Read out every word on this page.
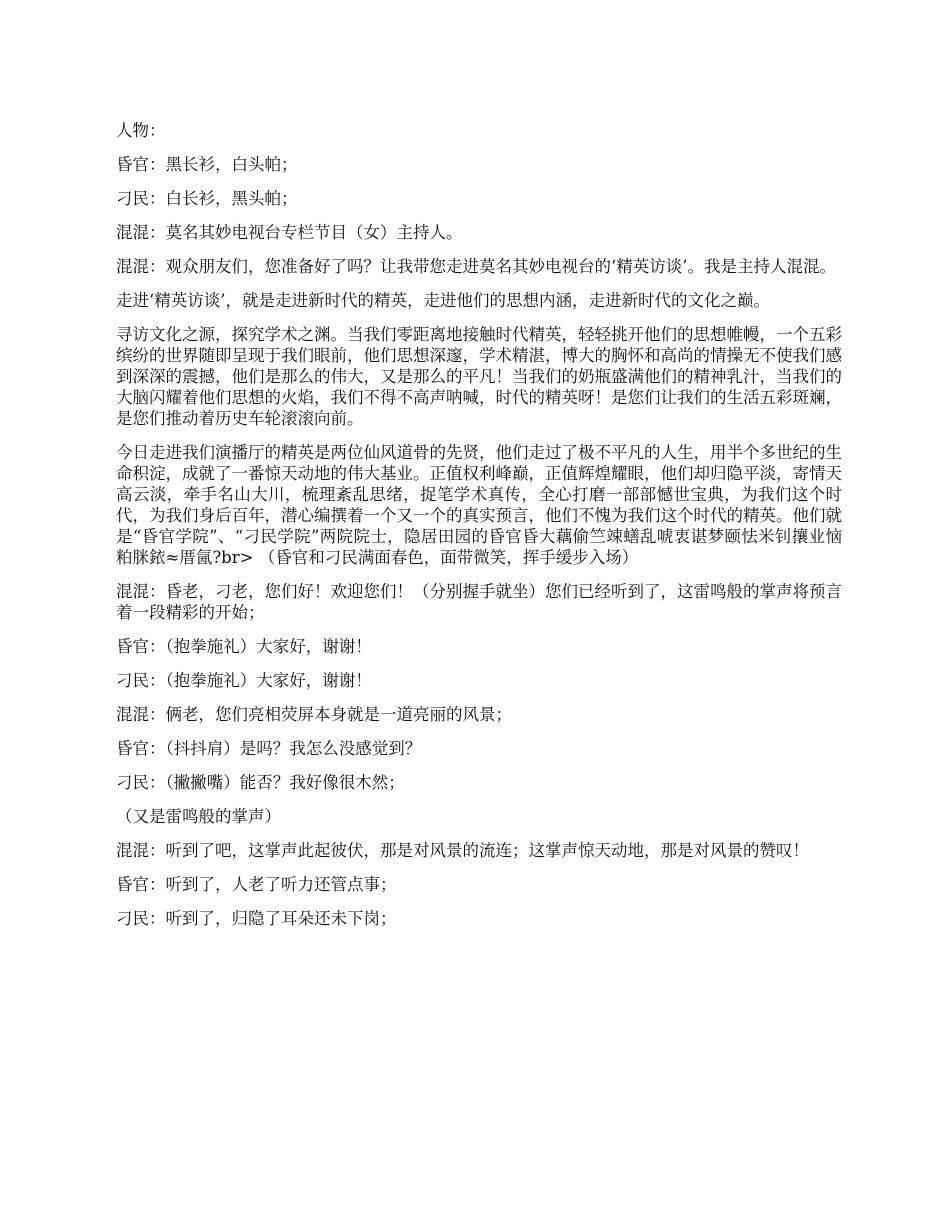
人物：

昏官：黑长衫，白头帕；

刁民：白长衫，黑头帕；

混混：莫名其妙电视台专栏节目（女）主持人。

混混：观众朋友们，您准备好了吗？让我带您走进莫名其妙电视台的‘精英访谈’。我是主持人混混。

走进‘精英访谈’，就是走进新时代的精英，走进他们的思想内涵，走进新时代的文化之巅。

寻访文化之源，探究学术之渊。当我们零距离地接触时代精英，轻轻挑开他们的思想帷幔，一个五彩缤纷的世界随即呈现于我们眼前，他们思想深邃，学术精湛，博大的胸怀和高尚的情操无不使我们感到深深的震撼，他们是那么的伟大，又是那么的平凡！当我们的奶瓶盛满他们的精神乳汁，当我们的大脑闪耀着他们思想的火焰，我们不得不高声呐喊，时代的精英呀！是您们让我们的生活五彩斑斓，是您们推动着历史车轮滚滚向前。

今日走进我们演播厅的精英是两位仙风道骨的先贤，他们走过了极不平凡的人生，用半个多世纪的生命积淀，成就了一番惊天动地的伟大基业。正值权利峰巅，正值辉煌耀眼，他们却归隐平淡，寄情天高云淡，牵手名山大川，梳理紊乱思绪，捉笔学术真传，全心打磨一部部憾世宝典，为我们这个时代，为我们身后百年，潜心编撰着一个又一个的真实预言，他们不愧为我们这个时代的精英。他们就是“昏官学院”、“刁民学院”两院院士，隐居田园的昏官昏大藕偷竺竦蟮乱唬衷谌梦颐怯米钊攘业恼粕脒銥≈厝氤?br> （昏官和刁民满面春色，面带微笑，挥手缓步入场）

混混：昏老，刁老，您们好！欢迎您们！（分别握手就坐）您们已经听到了，这雷鸣般的掌声将预言着一段精彩的开始；

昏官：（抱拳施礼）大家好，谢谢！

刁民：（抱拳施礼）大家好，谢谢！

混混：俩老，您们亮相荧屏本身就是一道亮丽的风景；

昏官：（抖抖肩）是吗？我怎么没感觉到？

刁民：（撇撇嘴）能否？我好像很木然；

（又是雷鸣般的掌声）

混混：听到了吧，这掌声此起彼伏，那是对风景的流连；这掌声惊天动地，那是对风景的赞叹！

昏官：听到了，人老了听力还管点事；

刁民：听到了，归隐了耳朵还未下岗；
